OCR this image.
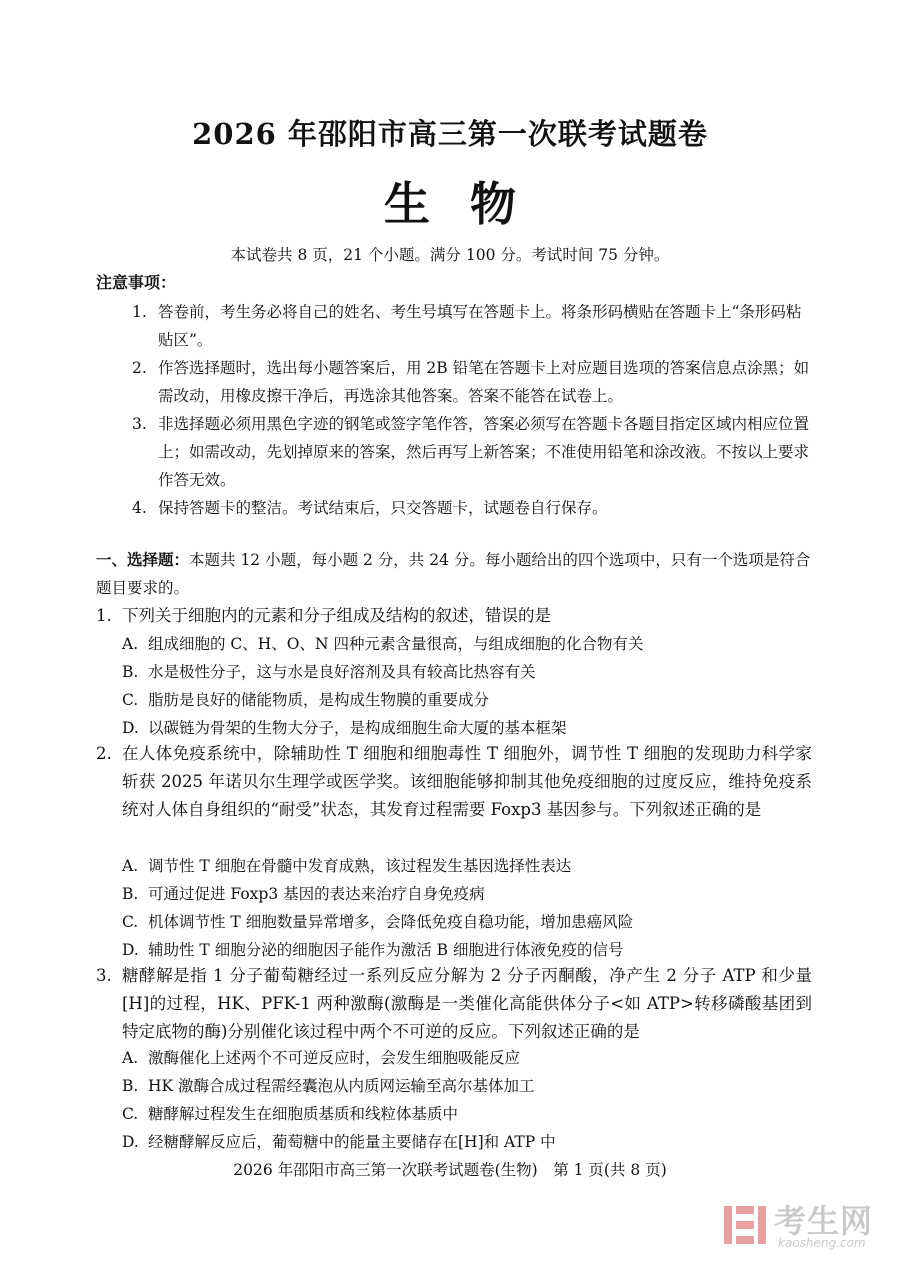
2026 年邵阳市高三第一次联考试题卷
生物
本试卷共 8 页，21 个小题。满分 100 分。考试时间 75 分钟。
注意事项：
1. 答卷前，考生务必将自己的姓名、考生号填写在答题卡上。将条形码横贴在答题卡上“条形码粘贴区”。
2. 作答选择题时，选出每小题答案后，用 2B 铅笔在答题卡上对应题目选项的答案信息点涂黑；如需改动，用橡皮擦干净后，再选涂其他答案。答案不能答在试卷上。
3. 非选择题必须用黑色字迹的钢笔或签字笔作答，答案必须写在答题卡各题目指定区域内相应位置上；如需改动，先划掉原来的答案，然后再写上新答案；不准使用铅笔和涂改液。不按以上要求作答无效。
4. 保持答题卡的整洁。考试结束后，只交答题卡，试题卷自行保存。
一、选择题：本题共 12 小题，每小题 2 分，共 24 分。每小题给出的四个选项中，只有一个选项是符合题目要求的。
1. 下列关于细胞内的元素和分子组成及结构的叙述，错误的是
A. 组成细胞的 C、H、O、N 四种元素含量很高，与组成细胞的化合物有关
B. 水是极性分子，这与水是良好溶剂及具有较高比热容有关
C. 脂肪是良好的储能物质，是构成生物膜的重要成分
D. 以碳链为骨架的生物大分子，是构成细胞生命大厦的基本框架
2. 在人体免疫系统中，除辅助性 T 细胞和细胞毒性 T 细胞外，调节性 T 细胞的发现助力科学家斩获 2025 年诺贝尔生理学或医学奖。该细胞能够抑制其他免疫细胞的过度反应，维持免疫系统对人体自身组织的“耐受”状态，其发育过程需要 Foxp3 基因参与。下列叙述正确的是
A. 调节性 T 细胞在骨髓中发育成熟，该过程发生基因选择性表达
B. 可通过促进 Foxp3 基因的表达来治疗自身免疫病
C. 机体调节性 T 细胞数量异常增多，会降低免疫自稳功能，增加患癌风险
D. 辅助性 T 细胞分泌的细胞因子能作为激活 B 细胞进行体液免疫的信号
3. 糖酵解是指 1 分子葡萄糖经过一系列反应分解为 2 分子丙酮酸，净产生 2 分子 ATP 和少量[H]的过程，HK、PFK-1 两种激酶(激酶是一类催化高能供体分子<如 ATP>转移磷酸基团到特定底物的酶)分别催化该过程中两个不可逆的反应。下列叙述正确的是
A. 激酶催化上述两个不可逆反应时，会发生细胞吸能反应
B. HK 激酶合成过程需经囊泡从内质网运输至高尔基体加工
C. 糖酵解过程发生在细胞质基质和线粒体基质中
D. 经糖酵解反应后，葡萄糖中的能量主要储存在[H]和 ATP 中
2026 年邵阳市高三第一次联考试题卷(生物)　第 1 页(共 8 页)
考生网
kaosheng.com
